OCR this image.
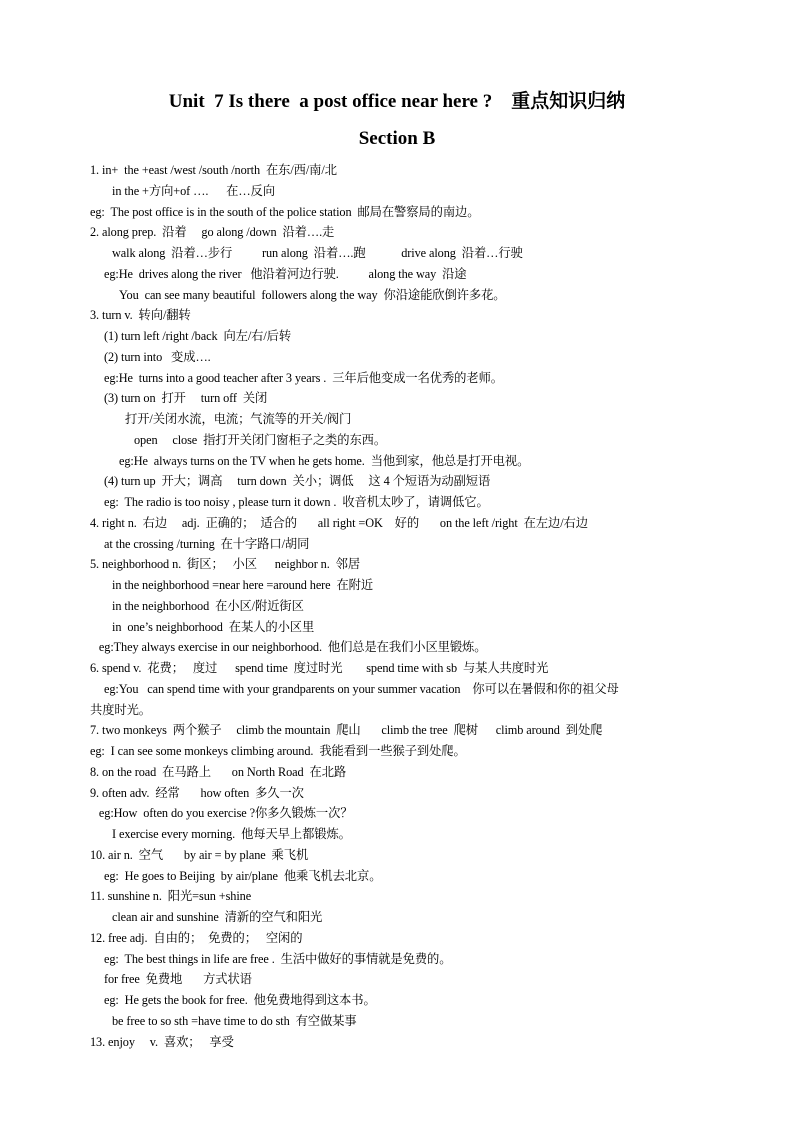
Unit  7 Is there  a post office near here ?    重点知识归纳
Section B
1. in+  the +east /west /south /north  在东/西/南/北
in the +方向+of ….      在…反向
eg:  The post office is in the south of the police station  邮局在警察局的南边。
2. along prep.  沿着     go along /down  沿着….走
walk along  沿着…步行          run along  沿着….跑            drive along  沿着…行驶
eg:He  drives along the river   他沿着河边行驶.          along the way  沿途
You  can see many beautiful  followers along the way  你沿途能欣倒许多花。
3. turn v.  转向/翻转
(1) turn left /right /back  向左/右/后转
(2) turn into   变成….
eg:He  turns into a good teacher after 3 years .  三年后他变成一名优秀的老师。
(3) turn on  打开     turn off  关闭
打开/关闭水流，电流；气流等的开关/阀门
open     close  指打开关闭门窗柜子之类的东西。
eg:He  always turns on the TV when he gets home.  当他到家，他总是打开电视。
(4) turn up  开大；调高     turn down  关小；调低     这 4 个短语为动副短语
eg:  The radio is too noisy , please turn it down .  收音机太吵了，请调低它。
4. right n.  右边     adj.  正确的；  适合的       all right =OK    好的       on the left /right  在左边/右边
at the crossing /turning  在十字路口/胡同
5. neighborhood n.  街区；   小区      neighbor n.  邻居
in the neighborhood =near here =around here  在附近
in the neighborhood  在小区/附近街区
in  one’s neighborhood  在某人的小区里
eg:They always exercise in our neighborhood.  他们总是在我们小区里锻炼。
6. spend v.  花费；   度过      spend time  度过时光        spend time with sb  与某人共度时光
eg:You   can spend time with your grandparents on your summer vacation    你可以在暑假和你的祖父母
共度时光。
7. two monkeys  两个猴子     climb the mountain  爬山       climb the tree  爬树      climb around  到处爬
eg:  I can see some monkeys climbing around.  我能看到一些猴子到处爬。
8. on the road  在马路上       on North Road  在北路
9. often adv.  经常       how often  多久一次
eg:How  often do you exercise ?你多久锻炼一次？
I exercise every morning.  他每天早上都锻炼。
10. air n.  空气       by air = by plane  乘飞机
eg:  He goes to Beijing  by air/plane  他乘飞机去北京。
11. sunshine n.  阳光=sun +shine
clean air and sunshine  清新的空气和阳光
12. free adj.  自由的；  免费的；   空闲的
eg:  The best things in life are free .  生活中做好的事情就是免费的。
for free  免费地       方式状语
eg:  He gets the book for free.  他免费地得到这本书。
be free to so sth =have time to do sth  有空做某事
13. enjoy     v.  喜欢；   享受
